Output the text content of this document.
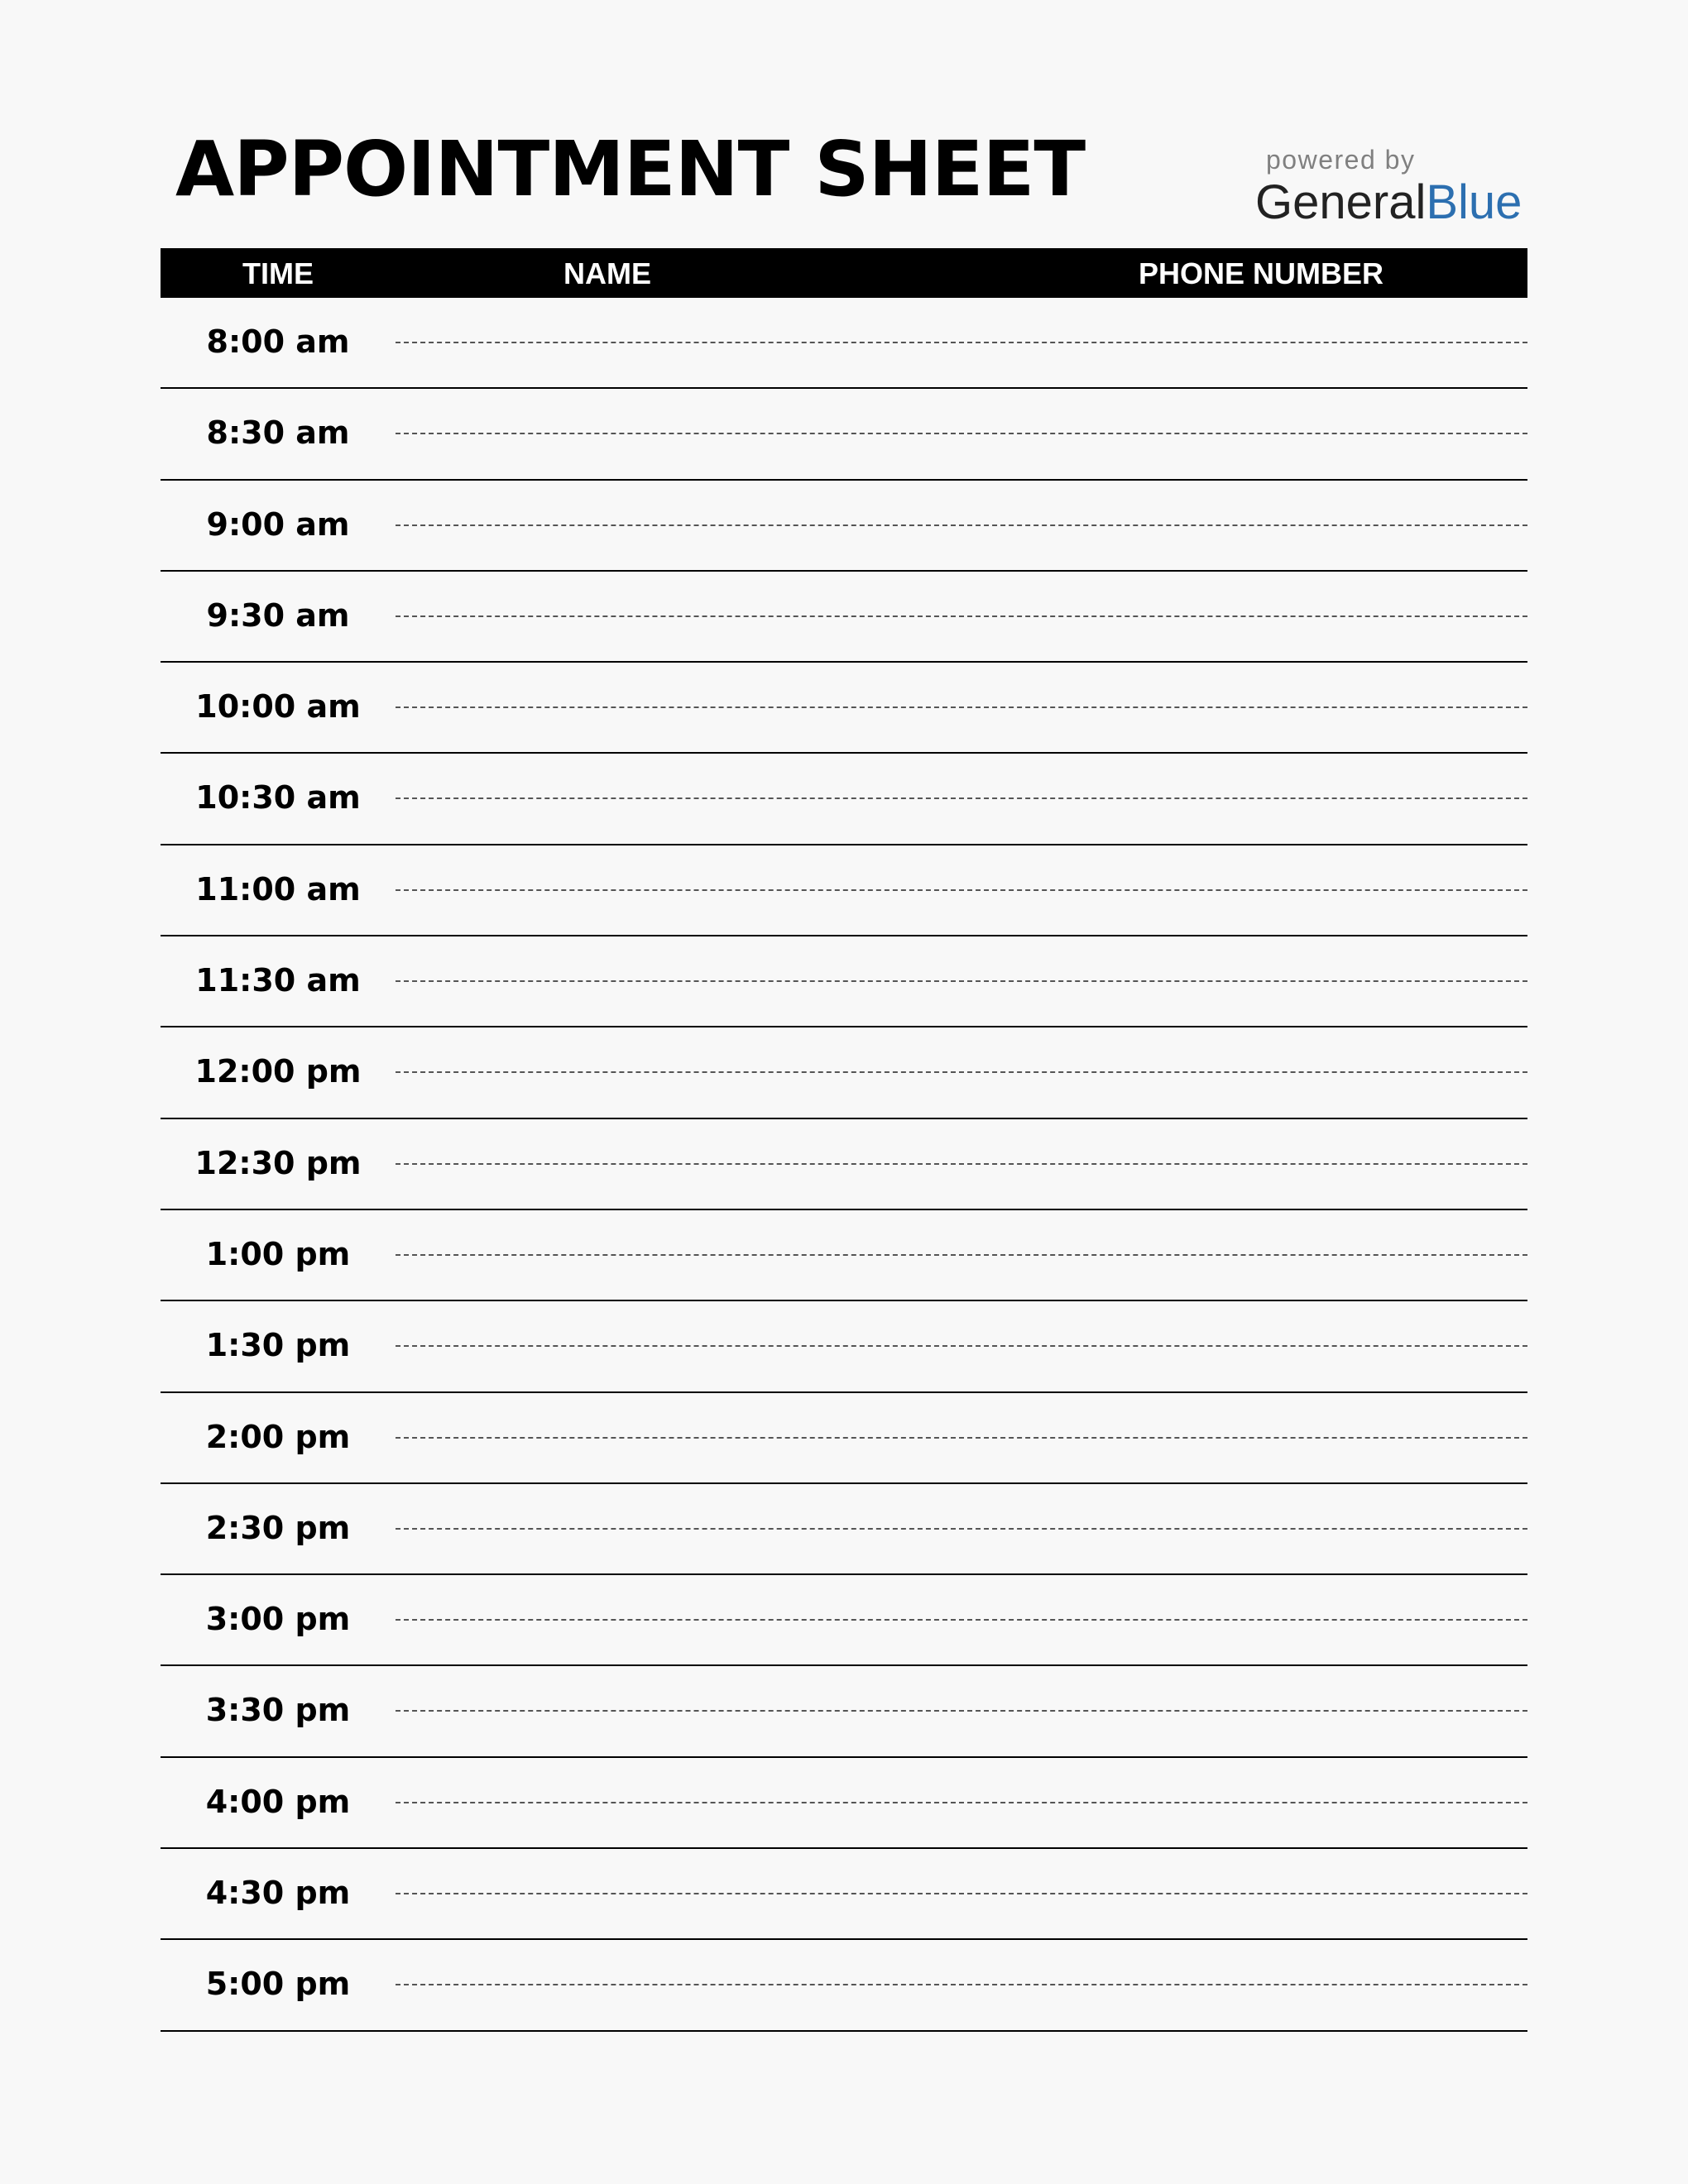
APPOINTMENT SHEET	powered by
GeneralBlue
TIME	NAME	PHONE NUMBER
8:00 am
8:30 am
9:00 am
9:30 am
10:00 am
10:30 am
11:00 am
11:30 am
12:00 pm
12:30 pm
1:00 pm
1:30 pm
2:00 pm
2:30 pm
3:00 pm
3:30 pm
4:00 pm
4:30 pm
5:00 pm
